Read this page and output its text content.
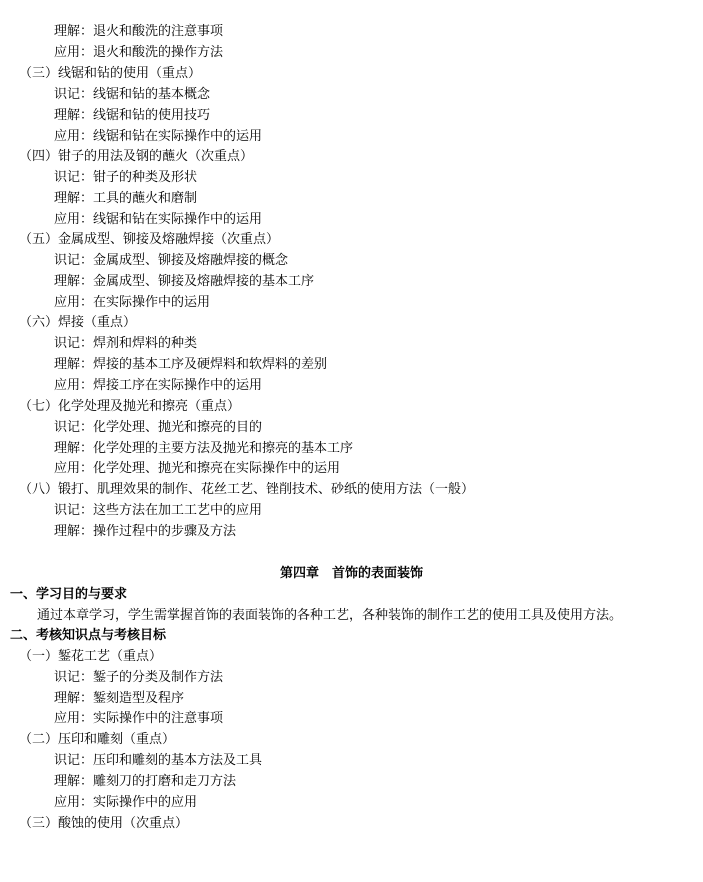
理解：退火和酸洗的注意事项
应用：退火和酸洗的操作方法
（三）线锯和钻的使用（重点）
识记：线锯和钻的基本概念
理解：线锯和钻的使用技巧
应用：线锯和钻在实际操作中的运用
（四）钳子的用法及钢的蘸火（次重点）
识记：钳子的种类及形状
理解：工具的蘸火和磨制
应用：线锯和钻在实际操作中的运用
（五）金属成型、铆接及熔融焊接（次重点）
识记：金属成型、铆接及熔融焊接的概念
理解：金属成型、铆接及熔融焊接的基本工序
应用：在实际操作中的运用
（六）焊接（重点）
识记：焊剂和焊料的种类
理解：焊接的基本工序及硬焊料和软焊料的差别
应用：焊接工序在实际操作中的运用
（七）化学处理及抛光和擦亮（重点）
识记：化学处理、抛光和擦亮的目的
理解：化学处理的主要方法及抛光和擦亮的基本工序
应用：化学处理、抛光和擦亮在实际操作中的运用
（八）锻打、肌理效果的制作、花丝工艺、锉削技术、砂纸的使用方法（一般）
识记：这些方法在加工工艺中的应用
理解：操作过程中的步骤及方法
第四章　首饰的表面装饰
一、学习目的与要求
通过本章学习，学生需掌握首饰的表面装饰的各种工艺，各种装饰的制作工艺的使用工具及使用方法。
二、考核知识点与考核目标
（一）錾花工艺（重点）
识记：錾子的分类及制作方法
理解：錾刻造型及程序
应用：实际操作中的注意事项
（二）压印和雕刻（重点）
识记：压印和雕刻的基本方法及工具
理解：雕刻刀的打磨和走刀方法
应用：实际操作中的应用
（三）酸蚀的使用（次重点）
